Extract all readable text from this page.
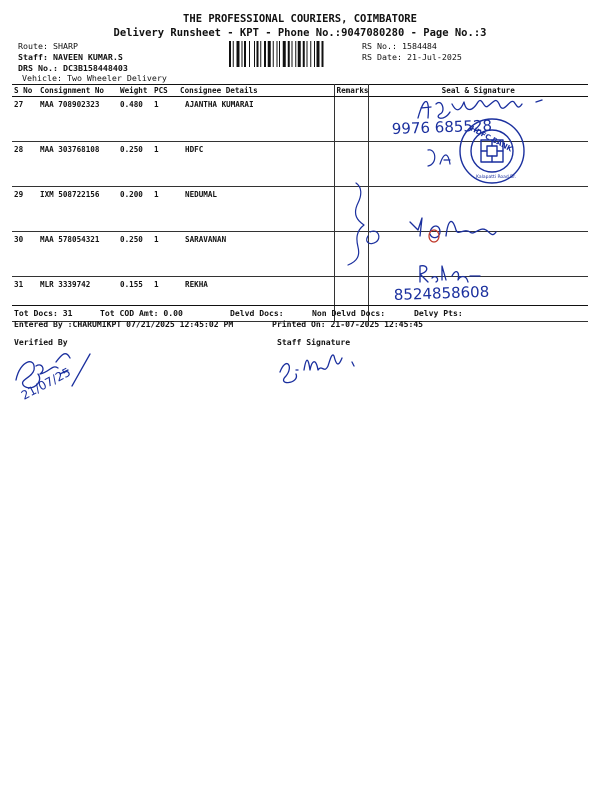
THE PROFESSIONAL COURIERS, COIMBATORE
Delivery Runsheet - KPT - Phone No.:9047080280 - Page No.:3
Route: SHARP
Staff: NAVEEN KUMAR.S
DRS No.: DC3B158448403
Vehicle: Two Wheeler Delivery
RS No.: 1584484
RS Date: 21-Jul-2025
S No	Consignment No	Weight	PCS	Consignee Details	Remarks	Seal & Signature
27	MAA 708902323	0.480	1	AJANTHA KUMARAI		
28	MAA 303768108	0.250	1	HDFC		
29	IXM 508722156	0.200	1	NEDUMAL		
30	MAA 578054321	0.250	1	SARAVANAN		
31	MLR 3339742	0.155	1	REKHA		
Tot Docs: 31	Tot COD Amt: 0.00	Delvd Docs:	Non Delvd Docs:	Delvy Pts:
Entered By :CHARUMIKPT 07/21/2025 12:45:02 PM	Printed On: 21-07-2025 12:45:45
Verified By	Staff Signature
9976 685528
HDFC BANK
Kalapatti Road Br.
8524858608
21/07/25
